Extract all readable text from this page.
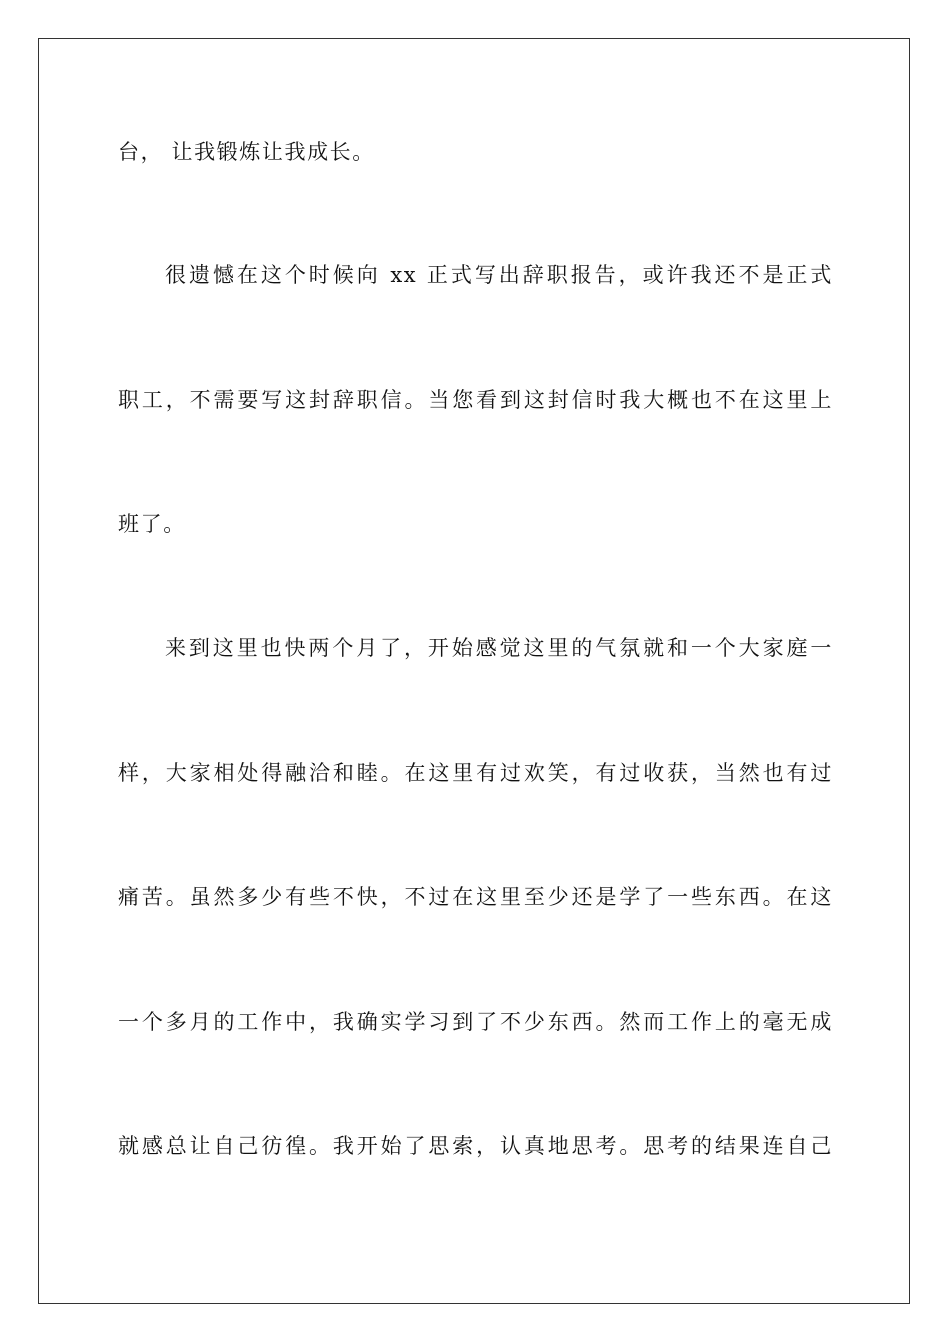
台， 让我锻炼让我成长。
很遗憾在这个时候向 xx 正式写出辞职报告，或许我还不是正式
职工，不需要写这封辞职信。当您看到这封信时我大概也不在这里上
班了。
来到这里也快两个月了，开始感觉这里的气氛就和一个大家庭一
样，大家相处得融洽和睦。在这里有过欢笑，有过收获，当然也有过
痛苦。虽然多少有些不快，不过在这里至少还是学了一些东西。在这
一个多月的工作中，我确实学习到了不少东西。然而工作上的毫无成
就感总让自己彷徨。我开始了思索，认真地思考。思考的结果连自己
